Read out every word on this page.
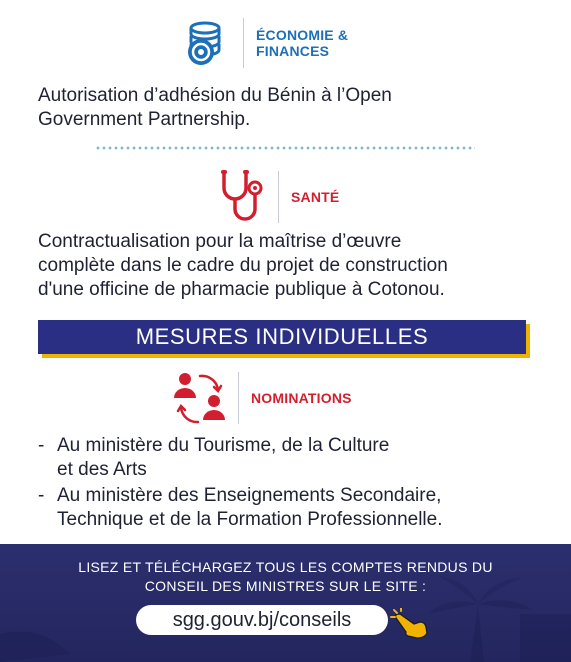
ÉCONOMIE &
FINANCES
Autorisation d’adhésion du Bénin à l’Open
Government Partnership.
SANTÉ
Contractualisation pour la maîtrise d’œuvre
complète dans le cadre du projet de construction
d'une officine de pharmacie publique à Cotonou.
MESURES INDIVIDUELLES
NOMINATIONS
- Au ministère du Tourisme, de la Culture
et des Arts
- Au ministère des Enseignements Secondaire,
Technique et de la Formation Professionnelle.
LISEZ ET TÉLÉCHARGEZ TOUS LES COMPTES RENDUS DU
CONSEIL DES MINISTRES SUR LE SITE :
sgg.gouv.bj/conseils
